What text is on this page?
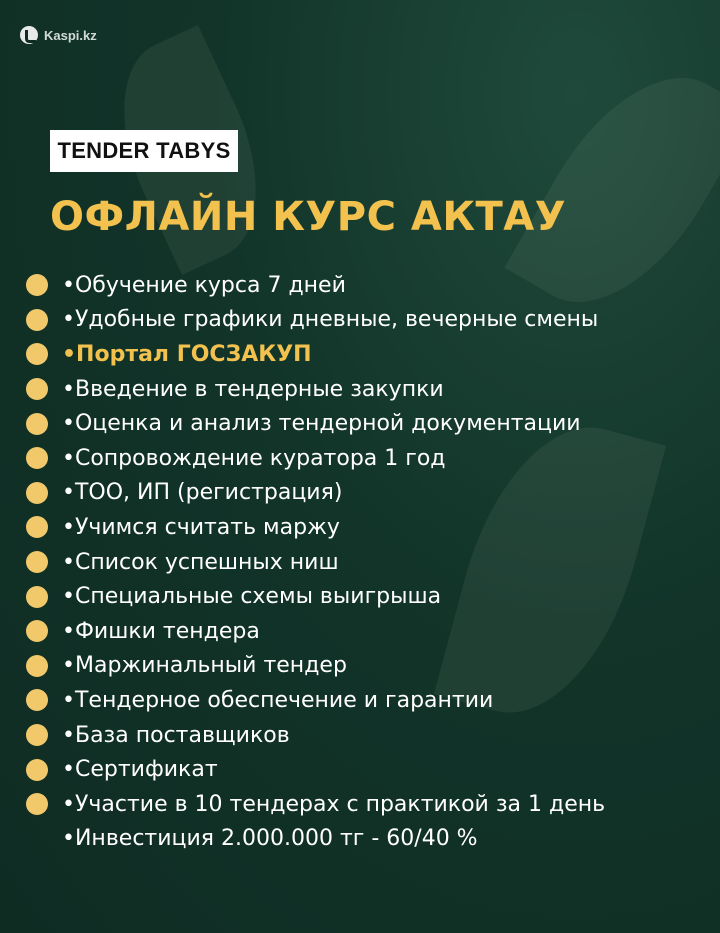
Kaspi.kz
TENDER TABYS
ОФЛАЙН КУРС АКТАУ
•Обучение курса 7 дней
•Удобные графики дневные, вечерные смены
•Портал ГОСЗАКУП
•Введение в тендерные закупки
•Оценка и анализ тендерной документации
•Сопровождение куратора 1 год
•ТОО, ИП (регистрация)
•Учимся считать маржу
•Список успешных ниш
•Специальные схемы выигрыша
•Фишки тендера
•Маржинальный тендер
•Тендерное обеспечение и гарантии
•База поставщиков
•Сертификат
•Участие в 10 тендерах с практикой за 1 день
•Инвестиция 2.000.000 тг - 60/40 %
